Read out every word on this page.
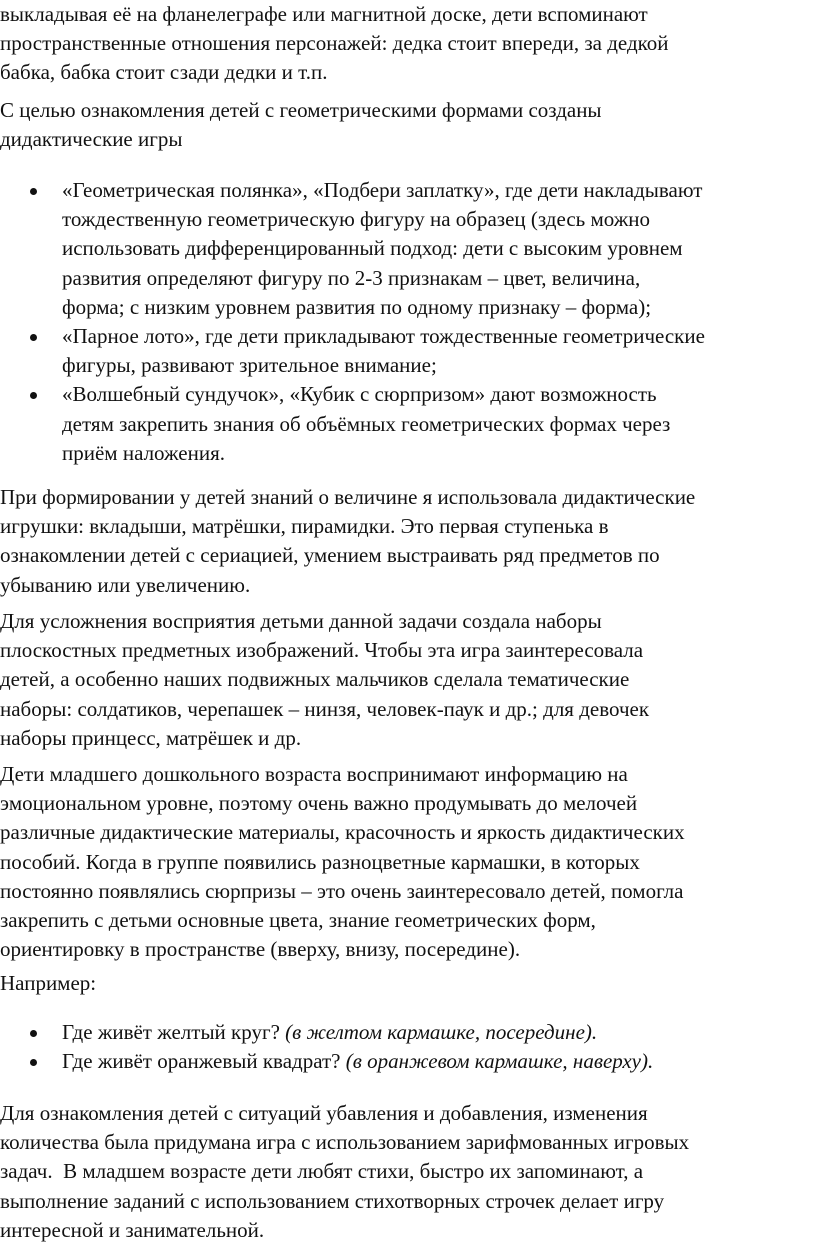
выкладывая её на фланелеграфе или магнитной доске, дети вспоминают
пространственные отношения персонажей: дедка стоит впереди, за дедкой
бабка, бабка стоит сзади дедки и т.п.

С целью ознакомления детей с геометрическими формами созданы
дидактические игры

«Геометрическая полянка», «Подбери заплатку», где дети накладывают
тождественную геометрическую фигуру на образец (здесь можно
использовать дифференцированный подход: дети с высоким уровнем
развития определяют фигуру по 2-3 признакам – цвет, величина,
форма; с низким уровнем развития по одному признаку – форма);
«Парное лото», где дети прикладывают тождественные геометрические
фигуры, развивают зрительное внимание;
«Волшебный сундучок», «Кубик с сюрпризом» дают возможность
детям закрепить знания об объёмных геометрических формах через
приём наложения.

При формировании у детей знаний о величине я использовала дидактические
игрушки: вкладыши, матрёшки, пирамидки. Это первая ступенька в
ознакомлении детей с сериацией, умением выстраивать ряд предметов по
убыванию или увеличению.

Для усложнения восприятия детьми данной задачи создала наборы
плоскостных предметных изображений. Чтобы эта игра заинтересовала
детей, а особенно наших подвижных мальчиков сделала тематические
наборы: солдатиков, черепашек – нинзя, человек-паук и др.; для девочек
наборы принцесс, матрёшек и др.

Дети младшего дошкольного возраста воспринимают информацию на
эмоциональном уровне, поэтому очень важно продумывать до мелочей
различные дидактические материалы, красочность и яркость дидактических
пособий. Когда в группе появились разноцветные кармашки, в которых
постоянно появлялись сюрпризы – это очень заинтересовало детей, помогла
закрепить с детьми основные цвета, знание геометрических форм,
ориентировку в пространстве (вверху, внизу, посередине).

Например:

Где живёт желтый круг? (в желтом кармашке, посередине).
Где живёт оранжевый квадрат? (в оранжевом кармашке, наверху).

Для ознакомления детей с ситуаций убавления и добавления, изменения
количества была придумана игра с использованием зарифмованных игровых
задач.  В младшем возрасте дети любят стихи, быстро их запоминают, а
выполнение заданий с использованием стихотворных строчек делает игру
интересной и занимательной.
